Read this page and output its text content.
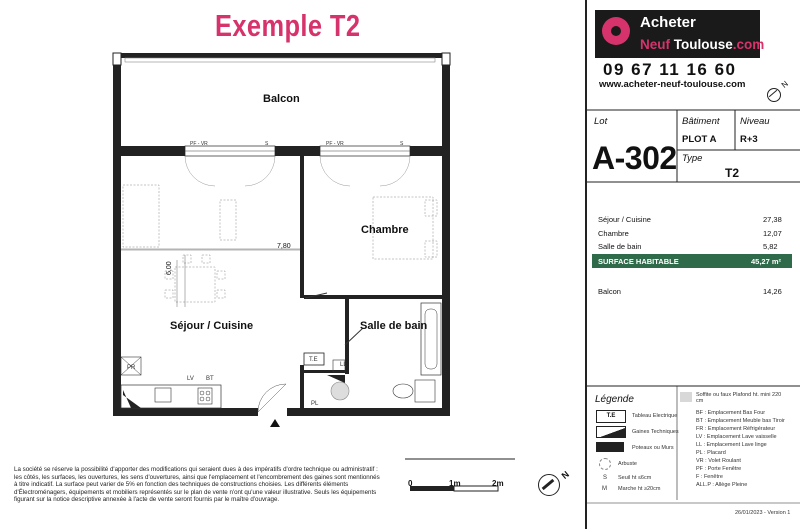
Exemple T2
Balcon
Chambre
Séjour / Cuisine	Salle de bain
7,80
6,00
PF - VR	S	PF - VR	S
PR
LV BT
T.E
LL
PL
La société se réserve la possibilité d'apporter des modifications qui seraient dues à des impératifs d'ordre technique ou administratif : les côtés, les surfaces, les ouvertures, les sens d'ouvertures, ainsi que l'emplacement et l'encombrement des gaines sont mentionnés à titre indicatif. La surface peut varier de 5% en fonction des techniques de constructions choisies. Les différents éléments d'Électroménagers, équipements et mobiliers représentés sur le plan de vente n'ont qu'une valeur illustrative. Seuls les équipements figurant sur la notice descriptive annexée à l'acte de vente seront fournis par le maître d'ouvrage.
0	1m	2m
N
Acheter
Neuf Toulouse.com
09 67 11 16 60
www.acheter-neuf-toulouse.com	N
Lot
A-302
Bâtiment
PLOT A
Niveau
R+3
Type
T2
Séjour / Cuisine	27,38
Chambre	12,07
Salle de bain	5,82
SURFACE HABITABLE	45,27 m²
Balcon	14,26
Légende	Soffite ou faux Plafond ht. mini 220 cm
T.E	Tableau Electrique
Gaines Techniques
Poteaux ou Murs
Arbuste
S Seuil ht ≤6cm
M Marche ht ≥20cm
BF : Emplacement Bas Four
BT : Emplacement Meuble bas Tiroir
FR : Emplacement Réfrigérateur
LV : Emplacement Lave vaisselle
LL : Emplacement Lave linge
PL : Placard
VR : Volet Roulant
PF : Porte Fenêtre
F : Fenêtre
ALL.P : Allège Pleine
26/01/2023 - Version 1
